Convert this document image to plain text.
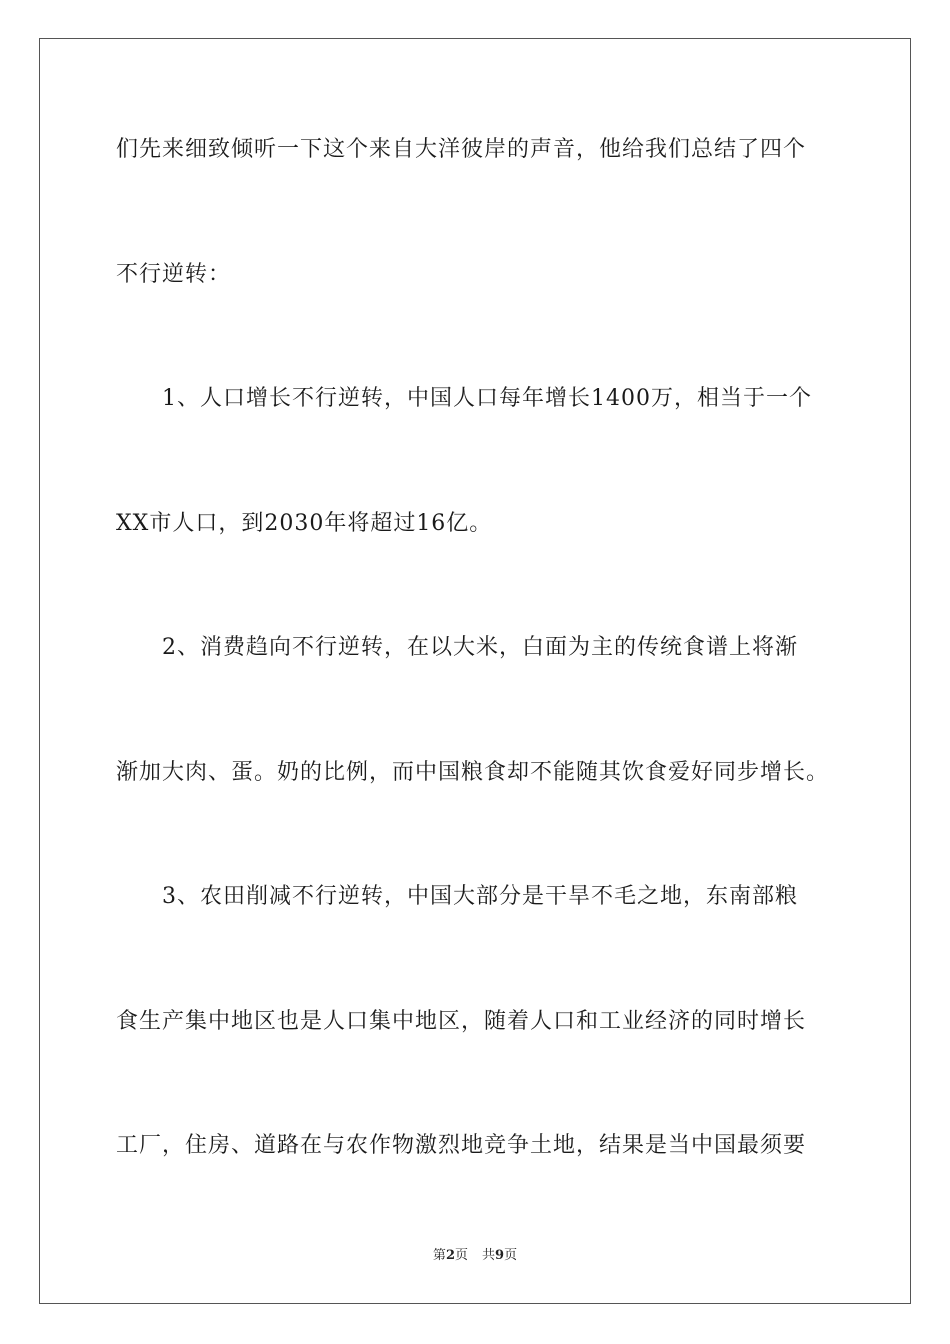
们先来细致倾听一下这个来自大洋彼岸的声音，他给我们总结了四个
不行逆转：
1、人口增长不行逆转，中国人口每年增长1400万，相当于一个
XX市人口，到2030年将超过16亿。
2、消费趋向不行逆转，在以大米，白面为主的传统食谱上将渐
渐加大肉、蛋。奶的比例，而中国粮食却不能随其饮食爱好同步增长。
3、农田削减不行逆转，中国大部分是干旱不毛之地，东南部粮
食生产集中地区也是人口集中地区，随着人口和工业经济的同时增长
工厂，住房、道路在与农作物激烈地竞争土地，结果是当中国最须要
第2页 共9页
